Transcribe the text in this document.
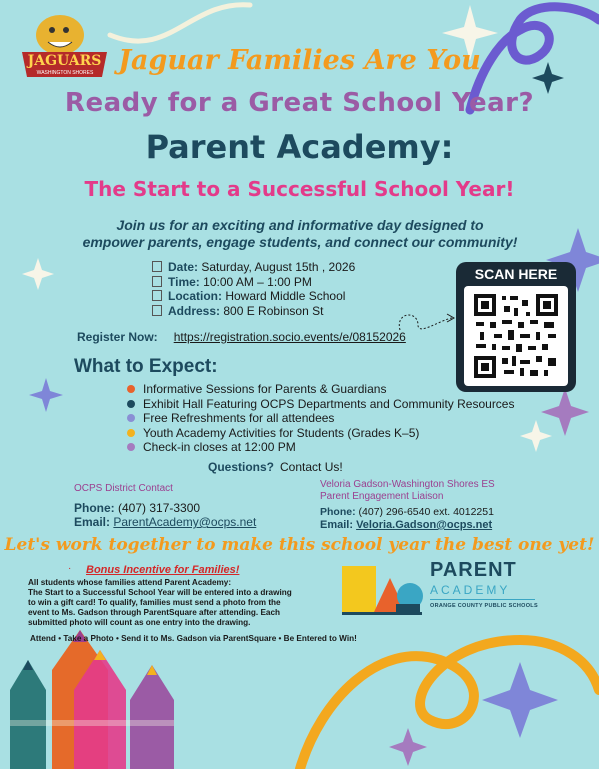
JAGUARS
WASHINGTON SHORES Jaguar Families Are You
Ready for a Great School Year?
Parent Academy:
The Start to a Successful School Year!
Join us for an exciting and informative day designed to
empower parents, engage students, and connect our community!
Date: Saturday, August 15th , 2026
Time: 10:00 AM – 1:00 PM
Location: Howard Middle School
Address: 800 E Robinson St
Register Now: https://registration.socio.events/e/08152026
SCAN HERE
What to Expect:
Informative Sessions for Parents & Guardians
Exhibit Hall Featuring OCPS Departments and Community Resources
Free Refreshments for all attendees
Youth Academy Activities for Students (Grades K–5)
Check-in closes at 12:00 PM
Questions? Contact Us!
OCPS District Contact
Phone: (407) 317-3300
Email: ParentAcademy@ocps.net
Veloria Gadson-Washington Shores ES
Parent Engagement Liaison
Phone: (407) 296-6540 ext. 4012251
Email: Veloria.Gadson@ocps.net
Let's work together to make this school year the best one yet!
· Bonus Incentive for Families!
All students whose families attend Parent Academy:
The Start to a Successful School Year will be entered into a drawing
to win a gift card! To qualify, families must send a photo from the
event to Ms. Gadson through ParentSquare after attending. Each
submitted photo will count as one entry into the drawing.
Attend • Take a Photo • Send it to Ms. Gadson via ParentSquare • Be Entered to Win!
PARENT
ACADEMY
ORANGE COUNTY PUBLIC SCHOOLS
